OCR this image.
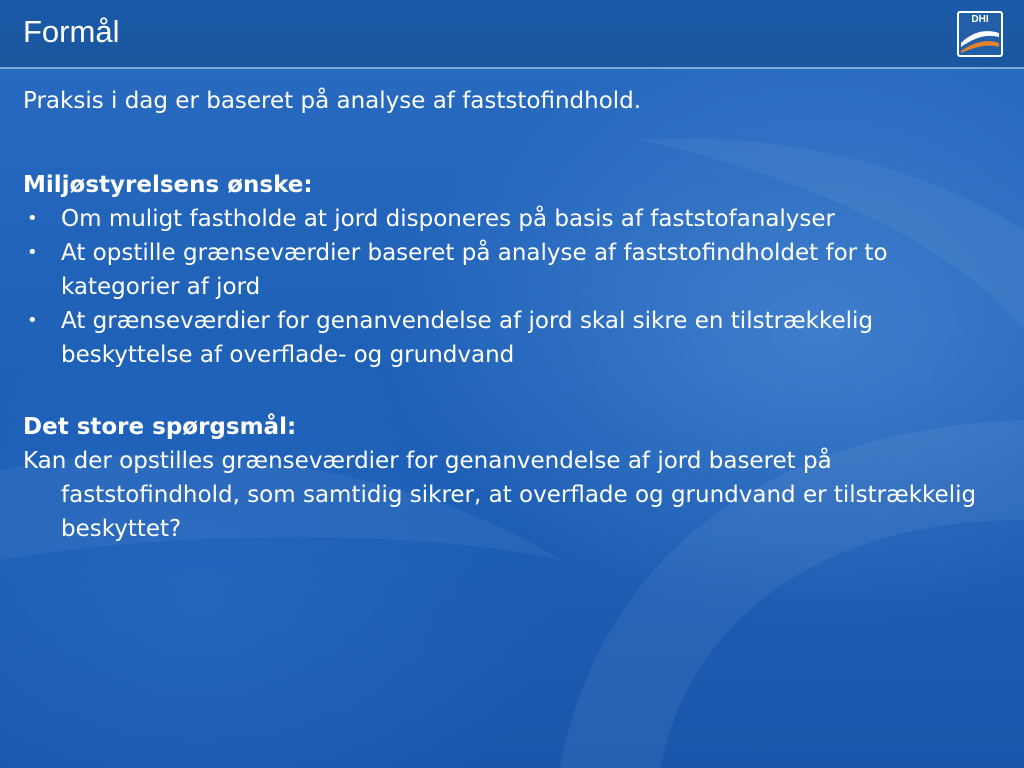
Formål	DHI

Praksis i dag er baseret på analyse af faststofindhold.

Miljøstyrelsens ønske:

• Om muligt fastholde at jord disponeres på basis af faststofanalyser

• At opstille grænseværdier baseret på analyse af faststofindholdet for to kategorier af jord

• At grænseværdier for genanvendelse af jord skal sikre en tilstrækkelig beskyttelse af overflade- og grundvand

Det store spørgsmål:

Kan der opstilles grænseværdier for genanvendelse af jord baseret på faststofindhold, som samtidig sikrer, at overflade og grundvand er tilstrækkelig beskyttet?
